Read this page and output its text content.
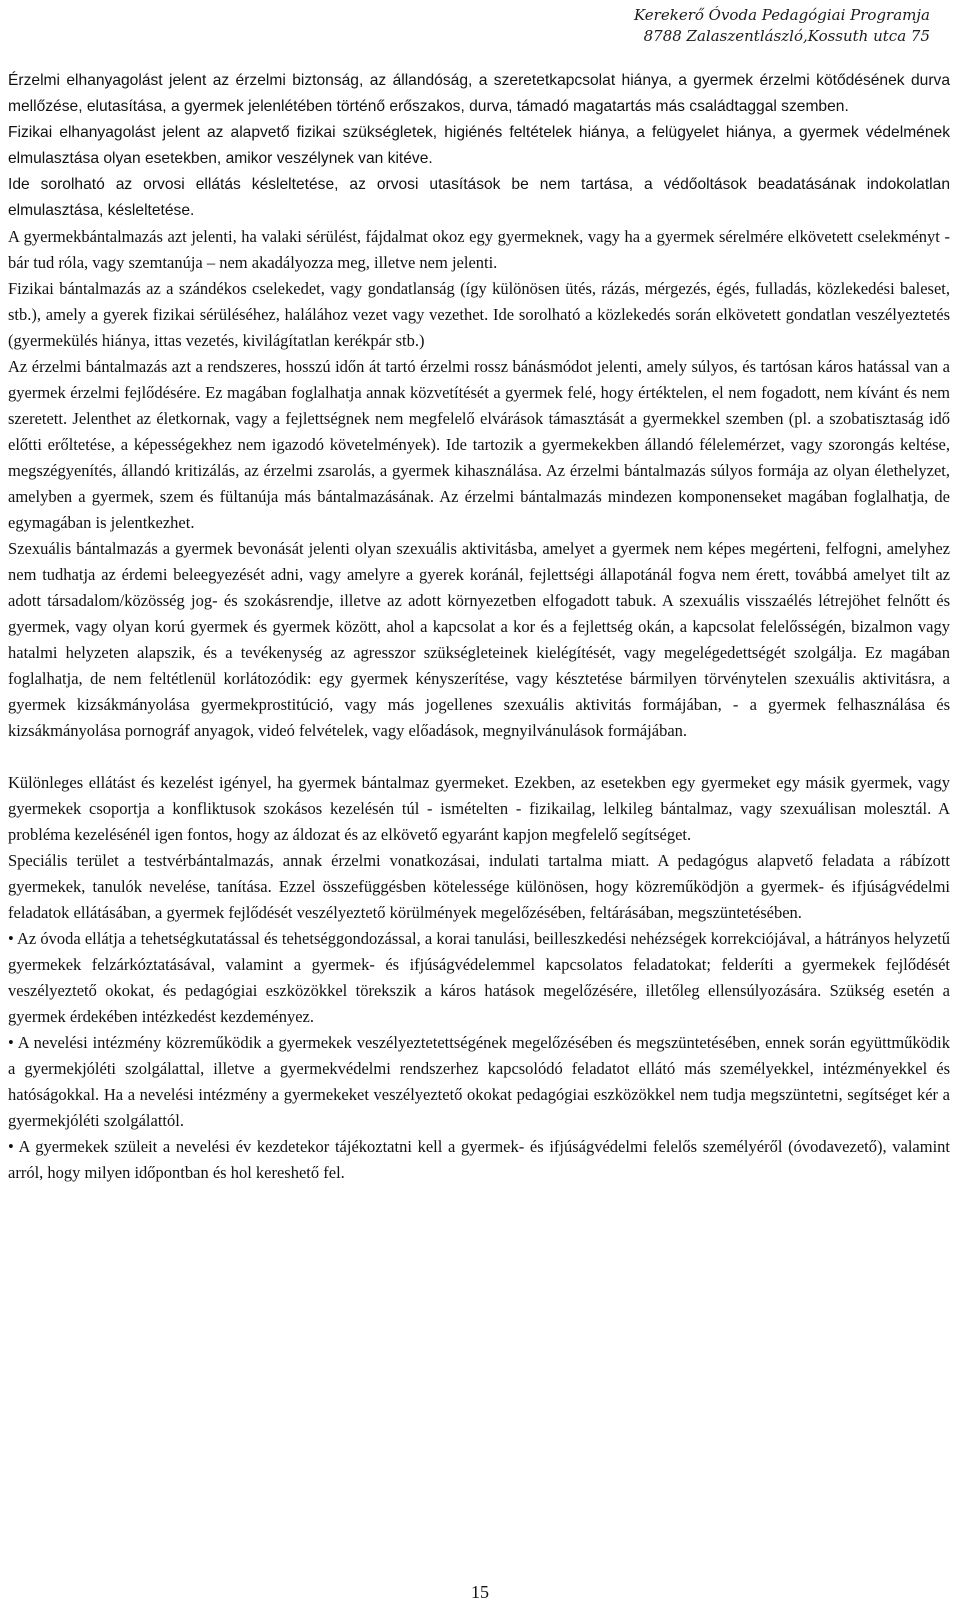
Kerekerő Óvoda Pedagógiai Programja
8788 Zalaszentlászló,Kossuth utca 75

Érzelmi elhanyagolást jelent az érzelmi biztonság, az állandóság, a szeretetkapcsolat hiánya, a gyermek érzelmi kötődésének durva mellőzése, elutasítása, a gyermek jelenlétében történő erőszakos, durva, támadó magatartás más családtaggal szemben.

Fizikai elhanyagolást jelent az alapvető fizikai szükségletek, higiénés feltételek hiánya, a felügyelet hiánya, a gyermek védelmének elmulasztása olyan esetekben, amikor veszélynek van kitéve.

Ide sorolható az orvosi ellátás késleltetése, az orvosi utasítások be nem tartása, a védőoltások beadatásának indokolatlan elmulasztása, késleltetése.

A gyermekbántalmazás azt jelenti, ha valaki sérülést, fájdalmat okoz egy gyermeknek, vagy ha a gyermek sérelmére elkövetett cselekményt - bár tud róla, vagy szemtanúja – nem akadályozza meg, illetve nem jelenti.

Fizikai bántalmazás az a szándékos cselekedet, vagy gondatlanság (így különösen ütés, rázás, mérgezés, égés, fulladás, közlekedési baleset, stb.), amely a gyerek fizikai sérüléséhez, halálához vezet vagy vezethet. Ide sorolható a közlekedés során elkövetett gondatlan veszélyeztetés (gyermekülés hiánya, ittas vezetés, kivilágítatlan kerékpár stb.)

Az érzelmi bántalmazás azt a rendszeres, hosszú időn át tartó érzelmi rossz bánásmódot jelenti, amely súlyos, és tartósan káros hatással van a gyermek érzelmi fejlődésére. Ez magában foglalhatja annak közvetítését a gyermek felé, hogy értéktelen, el nem fogadott, nem kívánt és nem szeretett. Jelenthet az életkornak, vagy a fejlettségnek nem megfelelő elvárások támasztását a gyermekkel szemben (pl. a szobatisztaság idő előtti erőltetése, a képességekhez nem igazodó követelmények). Ide tartozik a gyermekekben állandó félelemérzet, vagy szorongás keltése, megszégyenítés, állandó kritizálás, az érzelmi zsarolás, a gyermek kihasználása. Az érzelmi bántalmazás súlyos formája az olyan élethelyzet, amelyben a gyermek, szem és fültanúja más bántalmazásának. Az érzelmi bántalmazás mindezen komponenseket magában foglalhatja, de egymagában is jelentkezhet.

Szexuális bántalmazás a gyermek bevonását jelenti olyan szexuális aktivitásba, amelyet a gyermek nem képes megérteni, felfogni, amelyhez nem tudhatja az érdemi beleegyezését adni, vagy amelyre a gyerek koránál, fejlettségi állapotánál fogva nem érett, továbbá amelyet tilt az adott társadalom/közösség jog- és szokásrendje, illetve az adott környezetben elfogadott tabuk. A szexuális visszaélés létrejöhet felnőtt és gyermek, vagy olyan korú gyermek és gyermek között, ahol a kapcsolat a kor és a fejlettség okán, a kapcsolat felelősségén, bizalmon vagy hatalmi helyzeten alapszik, és a tevékenység az agresszor szükségleteinek kielégítését, vagy megelégedettségét szolgálja. Ez magában foglalhatja, de nem feltétlenül korlátozódik: egy gyermek kényszerítése, vagy késztetése bármilyen törvénytelen szexuális aktivitásra, a gyermek kizsákmányolása gyermekprostitúció, vagy más jogellenes szexuális aktivitás formájában, - a gyermek felhasználása és kizsákmányolása pornográf anyagok, videó felvételek, vagy előadások, megnyilvánulások formájában.

Különleges ellátást és kezelést igényel, ha gyermek bántalmaz gyermeket. Ezekben, az esetekben egy gyermeket egy másik gyermek, vagy gyermekek csoportja a konfliktusok szokásos kezelésén túl - ismételten - fizikailag, lelkileg bántalmaz, vagy szexuálisan molesztál. A probléma kezelésénél igen fontos, hogy az áldozat és az elkövető egyaránt kapjon megfelelő segítséget.

Speciális terület a testvérbántalmazás, annak érzelmi vonatkozásai, indulati tartalma miatt. A pedagógus alapvető feladata a rábízott gyermekek, tanulók nevelése, tanítása. Ezzel összefüggésben kötelessége különösen, hogy közreműködjön a gyermek- és ifjúságvédelmi feladatok ellátásában, a gyermek fejlődését veszélyeztető körülmények megelőzésében, feltárásában, megszüntetésében.

• Az óvoda ellátja a tehetségkutatással és tehetséggondozással, a korai tanulási, beilleszkedési nehézségek korrekciójával, a hátrányos helyzetű gyermekek felzárkóztatásával, valamint a gyermek- és ifjúságvédelemmel kapcsolatos feladatokat; felderíti a gyermekek fejlődését veszélyeztető okokat, és pedagógiai eszközökkel törekszik a káros hatások megelőzésére, illetőleg ellensúlyozására. Szükség esetén a gyermek érdekében intézkedést kezdeményez.

• A nevelési intézmény közreműködik a gyermekek veszélyeztetettségének megelőzésében és megszüntetésében, ennek során együttműködik a gyermekjóléti szolgálattal, illetve a gyermekvédelmi rendszerhez kapcsolódó feladatot ellátó más személyekkel, intézményekkel és hatóságokkal. Ha a nevelési intézmény a gyermekeket veszélyeztető okokat pedagógiai eszközökkel nem tudja megszüntetni, segítséget kér a gyermekjóléti szolgálattól.

• A gyermekek szüleit a nevelési év kezdetekor tájékoztatni kell a gyermek- és ifjúságvédelmi felelős személyéről (óvodavezető), valamint arról, hogy milyen időpontban és hol kereshető fel.

15
